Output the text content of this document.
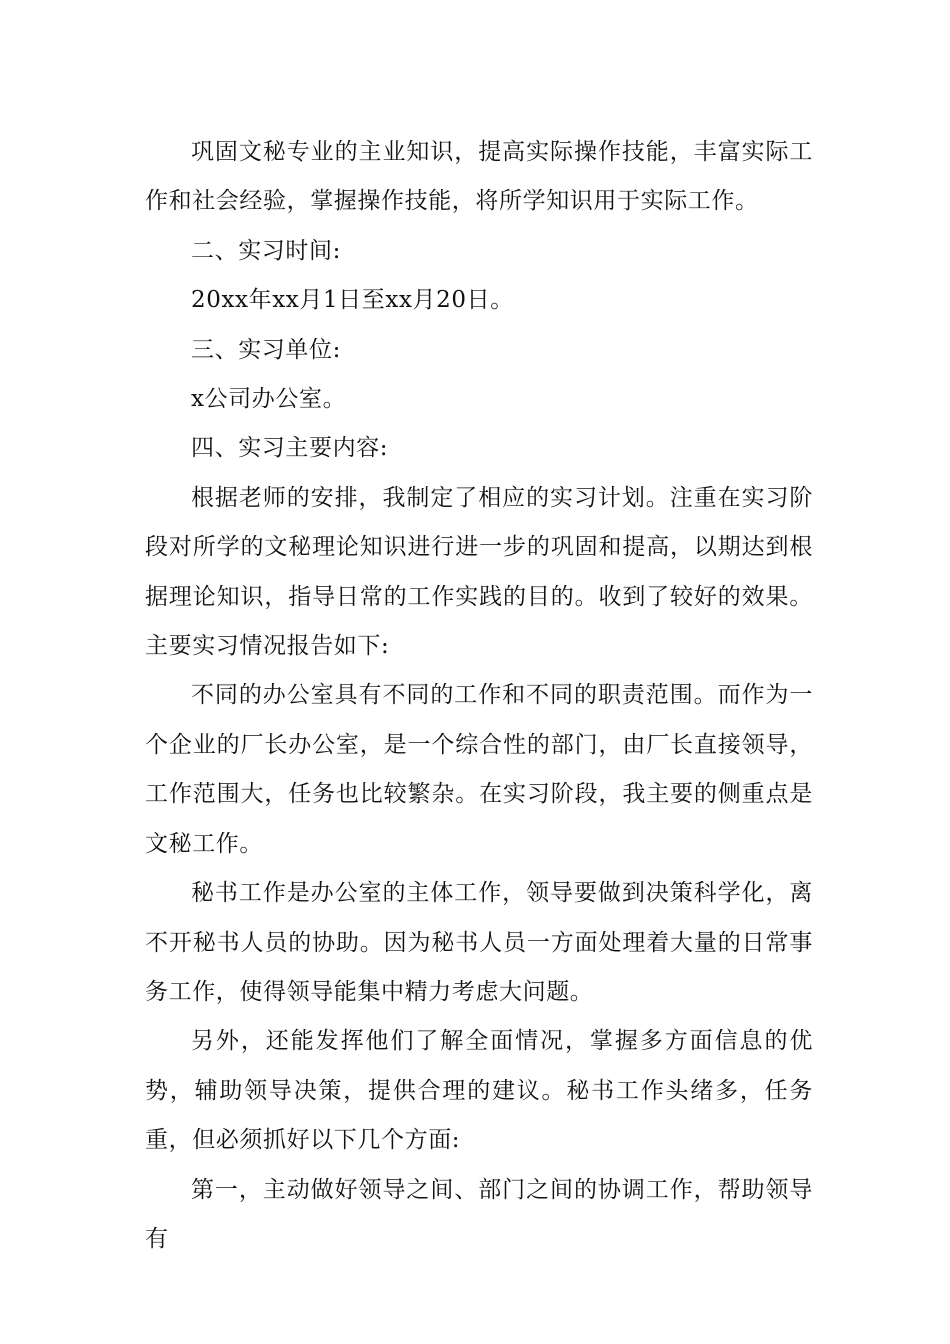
巩固文秘专业的主业知识，提高实际操作技能，丰富实际工作和社会经验，掌握操作技能，将所学知识用于实际工作。

二、实习时间:

20xx年xx月1日至xx月20日。

三、实习单位:

x公司办公室。

四、实习主要内容:

根据老师的安排，我制定了相应的实习计划。注重在实习阶段对所学的文秘理论知识进行进一步的巩固和提高，以期达到根据理论知识，指导日常的工作实践的目的。收到了较好的效果。主要实习情况报告如下:

不同的办公室具有不同的工作和不同的职责范围。而作为一个企业的厂长办公室，是一个综合性的部门，由厂长直接领导，工作范围大，任务也比较繁杂。在实习阶段，我主要的侧重点是文秘工作。

秘书工作是办公室的主体工作，领导要做到决策科学化，离不开秘书人员的协助。因为秘书人员一方面处理着大量的日常事务工作，使得领导能集中精力考虑大问题。

另外，还能发挥他们了解全面情况，掌握多方面信息的优势，辅助领导决策，提供合理的建议。秘书工作头绪多，任务重，但必须抓好以下几个方面:

第一，主动做好领导之间、部门之间的协调工作，帮助领导有
